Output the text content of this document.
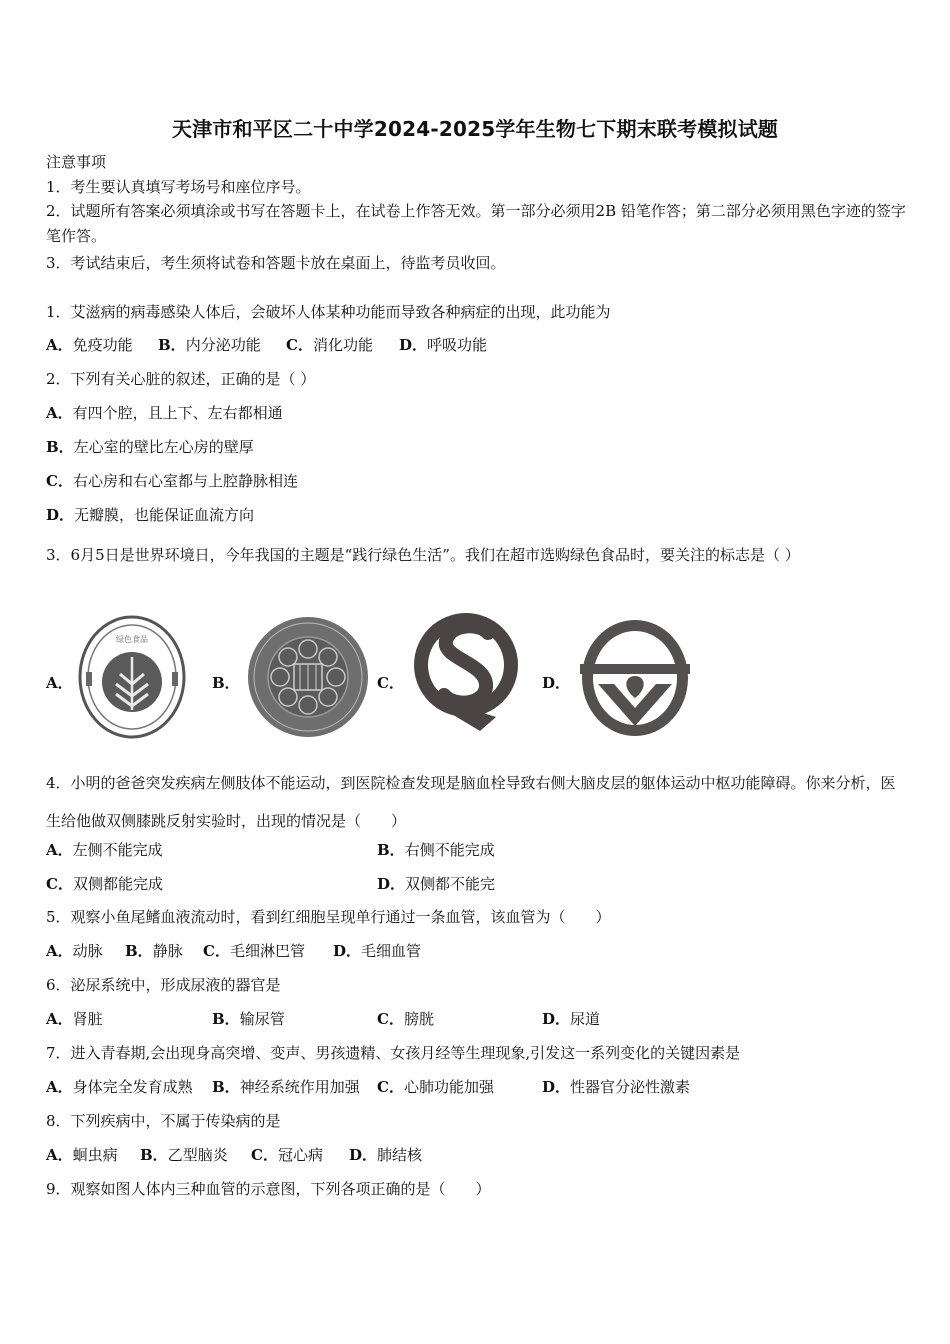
天津市和平区二十中学2024-2025学年生物七下期末联考模拟试题
注意事项
1．考生要认真填写考场号和座位序号。
2．试题所有答案必须填涂或书写在答题卡上，在试卷上作答无效。第一部分必须用2B 铅笔作答；第二部分必须用黑色字迹的签字笔作答。
3．考试结束后，考生须将试卷和答题卡放在桌面上，待监考员收回。
1．艾滋病的病毒感染人体后，会破坏人体某种功能而导致各种病症的出现，此功能为
A．免疫功能 B．内分泌功能 C．消化功能 D．呼吸功能
2．下列有关心脏的叙述，正确的是（ ）
A．有四个腔，且上下、左右都相通
B．左心室的壁比左心房的壁厚
C．右心房和右心室都与上腔静脉相连
D．无瓣膜，也能保证血流方向
3．6月5日是世界环境日，今年我国的主题是“践行绿色生活”。我们在超市选购绿色食品时，要关注的标志是（ ）
A．
绿色食品
B．	C．	D．
4．小明的爸爸突发疾病左侧肢体不能运动，到医院检查发现是脑血栓导致右侧大脑皮层的躯体运动中枢功能障碍。你来分析，医生给他做双侧膝跳反射实验时，出现的情况是（　　）
A．左侧不能完成	B．右侧不能完成
C．双侧都能完成	D．双侧都不能完
5．观察小鱼尾鳍血液流动时，看到红细胞呈现单行通过一条血管，该血管为（　　）
A．动脉 B．静脉 C．毛细淋巴管 D．毛细血管
6．泌尿系统中，形成尿液的器官是
A．肾脏	B．输尿管	C．膀胱	D．尿道
7．进入青春期,会出现身高突增、变声、男孩遗精、女孩月经等生理现象,引发这一系列变化的关键因素是
A．身体完全发育成熟 B．神经系统作用加强 C．心肺功能加强	D．性器官分泌性激素
8．下列疾病中，不属于传染病的是
A．蛔虫病 B．乙型脑炎 C．冠心病 D．肺结核
9．观察如图人体内三种血管的示意图，下列各项正确的是（　　）
